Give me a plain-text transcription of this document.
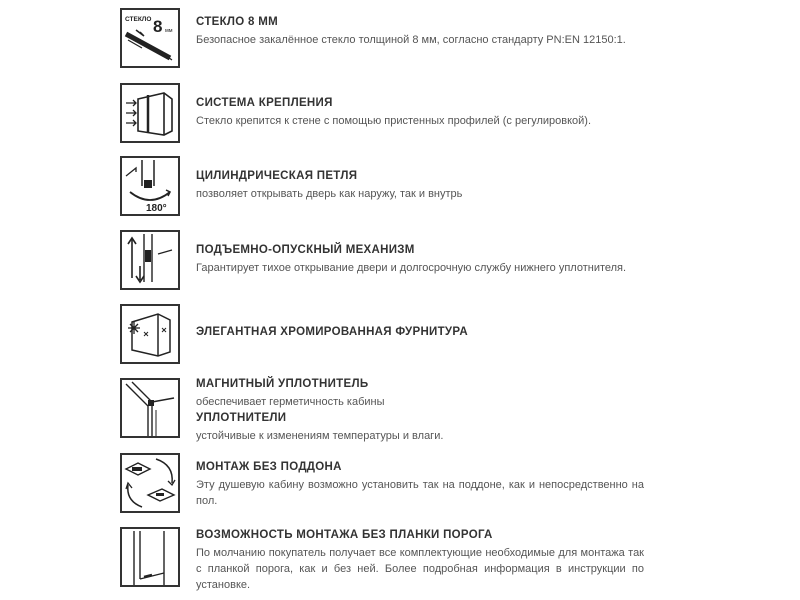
СТЕКЛО 8 мм
СТЕКЛО 8 ММ
Безопасное закалённое стекло толщиной 8 мм, согласно стандарту PN:EN 12150:1.
СИСТЕМА КРЕПЛЕНИЯ
Стекло крепится к стене с помощью пристенных профилей (с регулировкой).
180°
ЦИЛИНДРИЧЕСКАЯ ПЕТЛЯ
позволяет открывать дверь как наружу, так и внутрь
ПОДЪЕМНО-ОПУСКНЫЙ МЕХАНИЗМ
Гарантирует тихое открывание двери и долгосрочную службу нижнего уплотнителя.
ЭЛЕГАНТНАЯ ХРОМИРОВАННАЯ ФУРНИТУРА
МАГНИТНЫЙ УПЛОТНИТЕЛЬ
обеспечивает герметичность кабины
УПЛОТНИТЕЛИ
устойчивые к изменениям температуры и влаги.
МОНТАЖ БЕЗ ПОДДОНА
Эту душевую кабину возможно установить так на поддоне, как и непосредственно на пол.
ВОЗМОЖНОСТЬ МОНТАЖА БЕЗ ПЛАНКИ ПОРОГА
По молчанию покупатель получает все комплектующие необходимые для монтажа так с планкой порога, как и без ней. Более подробная информация в инструкции по установке.
